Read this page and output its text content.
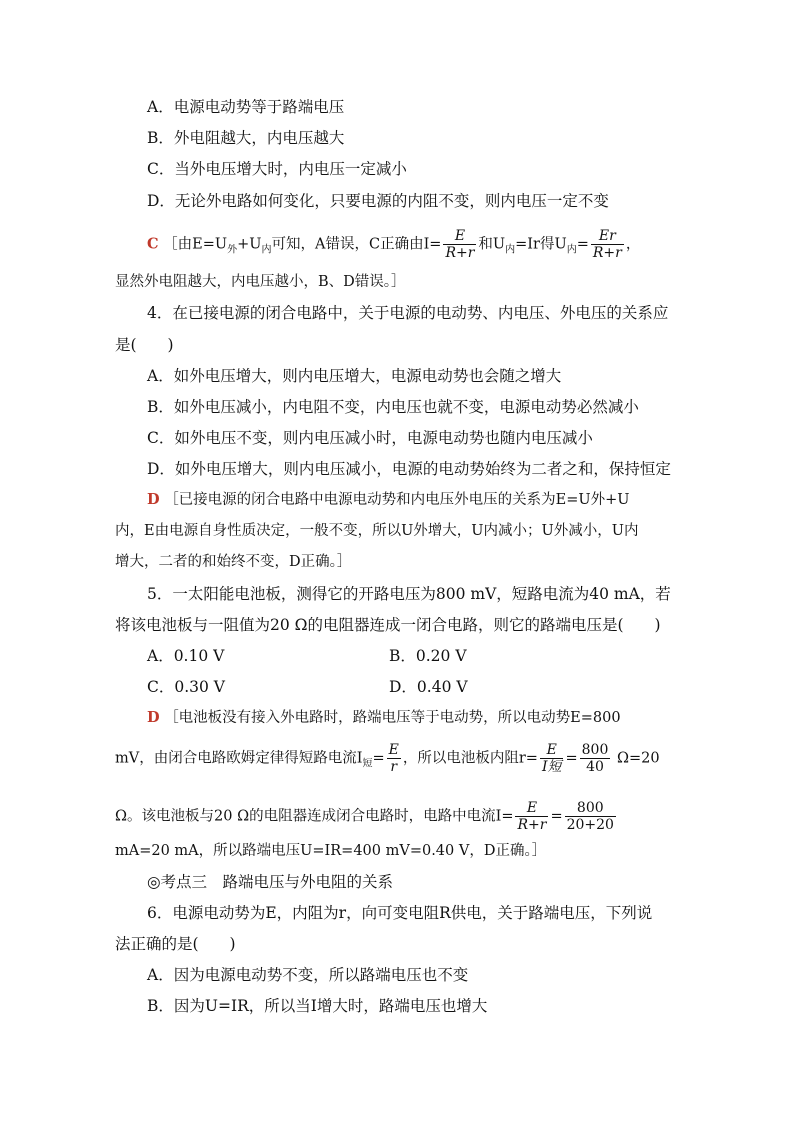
A．电源电动势等于路端电压
B．外电阻越大，内电压越大
C．当外电压增大时，内电压一定减小
D．无论外电路如何变化，只要电源的内阻不变，则内电压一定不变
C ［由$E=U_外+U_内$可知，A错误，C正确由$I= \frac{E}{R+r}$ 和$U_内=Ir$得$U_内= \frac{Er}{R+r}$ ，
显然外电阻越大，内电压越小，B、D错误。］
4．在已接电源的闭合电路中，关于电源的电动势、内电压、外电压的关系应
是(　　)
A．如外电压增大，则内电压增大，电源电动势也会随之增大
B．如外电压减小，内电阻不变，内电压也就不变，电源电动势必然减小
C．如外电压不变，则内电压减小时，电源电动势也随内电压减小
D．如外电压增大，则内电压减小，电源的电动势始终为二者之和，保持恒定
D ［已接电源的闭合电路中电源电动势和内电压外电压的关系为E=U外+U
内，E由电源自身性质决定，一般不变，所以U外增大，U内减小；U外减小，U内
增大，二者的和始终不变，D正确。］
5．一太阳能电池板，测得它的开路电压为800 mV，短路电流为40 mA，若
将该电池板与一阻值为20 Ω的电阻器连成一闭合电路，则它的路端电压是(　　)
A．0.10 V	B．0.20 V
C．0.30 V	D．0.40 V
D ［电池板没有接入外电路时，路端电压等于电动势，所以电动势E=800
mV，由闭合电路欧姆定律得短路电流$I_短= \frac{E}{r}$ ，所以电池板内阻$r= \frac{E}{\text{I短}} = \frac{800}{40} \Omega=20$
Ω。该电池板与20 Ω的电阻器连成闭合电路时，电路中电流$I= \frac{E}{R+r} = \frac{800}{20+20}$
mA=20 mA，所以路端电压U=IR=400 mV=0.40 V，D正确。］
◎考点三　路端电压与外电阻的关系
6．电源电动势为E，内阻为r，向可变电阻R供电，关于路端电压，下列说
法正确的是(　　)
A．因为电源电动势不变，所以路端电压也不变
B．因为U=IR，所以当I增大时，路端电压也增大
